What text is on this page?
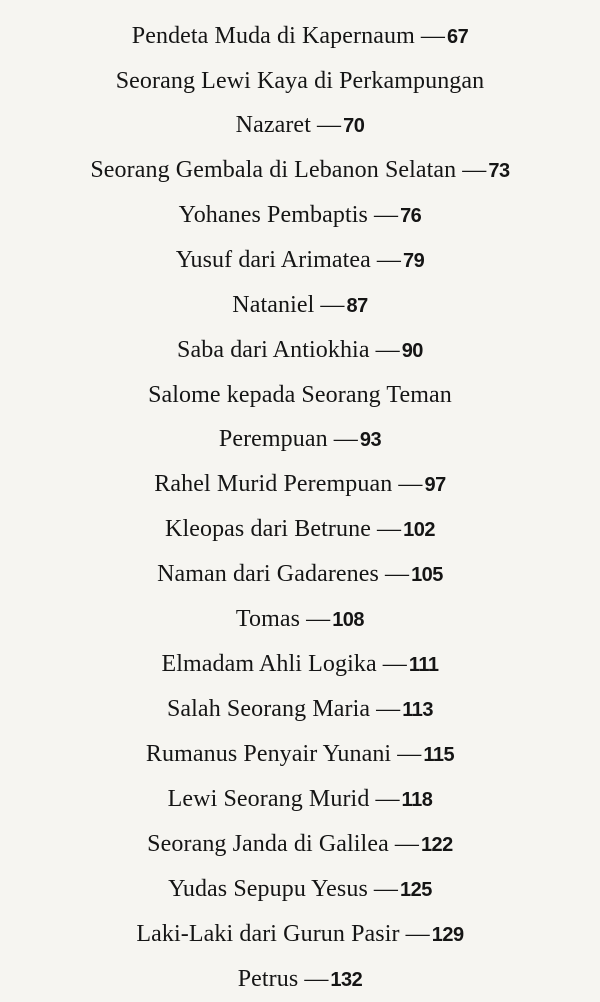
Pendeta Muda di Kapernaum — 67
Seorang Lewi Kaya di Perkampungan
Nazaret — 70
Seorang Gembala di Lebanon Selatan — 73
Yohanes Pembaptis — 76
Yusuf dari Arimatea — 79
Nataniel — 87
Saba dari Antiokhia — 90
Salome kepada Seorang Teman
Perempuan — 93
Rahel Murid Perempuan — 97
Kleopas dari Betrune — 102
Naman dari Gadarenes — 105
Tomas — 108
Elmadam Ahli Logika — 111
Salah Seorang Maria — 113
Rumanus Penyair Yunani — 115
Lewi Seorang Murid — 118
Seorang Janda di Galilea — 122
Yudas Sepupu Yesus — 125
Laki-Laki dari Gurun Pasir — 129
Petrus — 132
